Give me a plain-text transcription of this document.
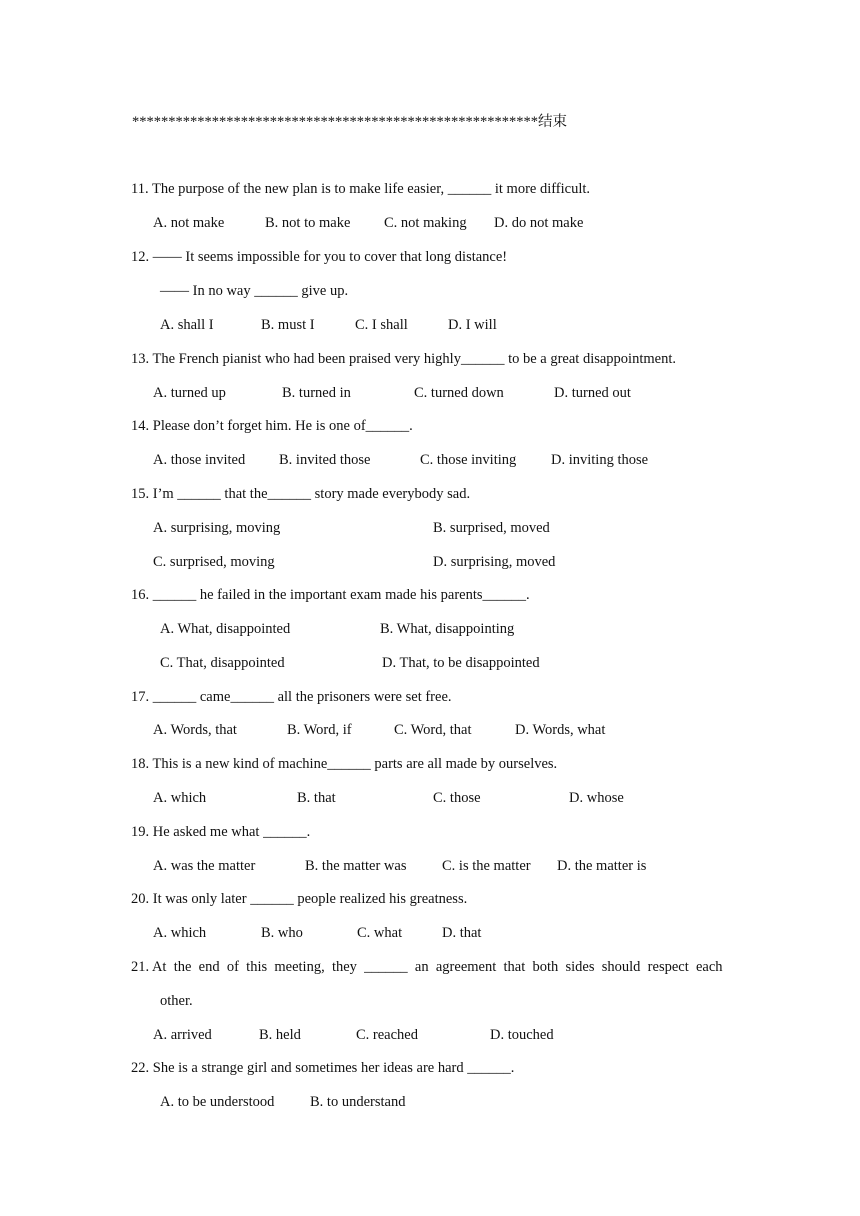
********************************************************结束
11. The purpose of the new plan is to make life easier, ______ it more difficult.
A. not make	B. not to make C. not making D. do not make
12. —— It seems impossible for you to cover that long distance!
—— In no way ______ give up.
A. shall I	B. must I	C. I shall	D. I will
13. The French pianist who had been praised very highly______ to be a great disappointment.
A. turned up	B. turned in	C. turned down	D. turned out
14. Please don’t forget him. He is one of______.
A. those invited B. invited those	C. those inviting D. inviting those
15. I’m ______ that the______ story made everybody sad.
A. surprising, moving	B. surprised, moved
C. surprised, moving	D. surprising, moved
16. ______ he failed in the important exam made his parents______.
A. What, disappointed	B. What, disappointing
C. That, disappointed	D. That, to be disappointed
17. ______ came______ all the prisoners were set free.
A. Words, that	B. Word, if	C. Word, that	D. Words, what
18. This is a new kind of machine______ parts are all made by ourselves.
A. which	B. that	C. those	D. whose
19. He asked me what ______.
A. was the matter	B. the matter was C. is the matter D. the matter is
20. It was only later ______ people realized his greatness.
A. which	B. who	C. what	D. that
21. At  the  end  of  this  meeting,  they  ______  an  agreement  that  both  sides  should  respect  each
other.
A. arrived	B. held	C. reached	D. touched
22. She is a strange girl and sometimes her ideas are hard ______.
A. to be understood B. to understand
